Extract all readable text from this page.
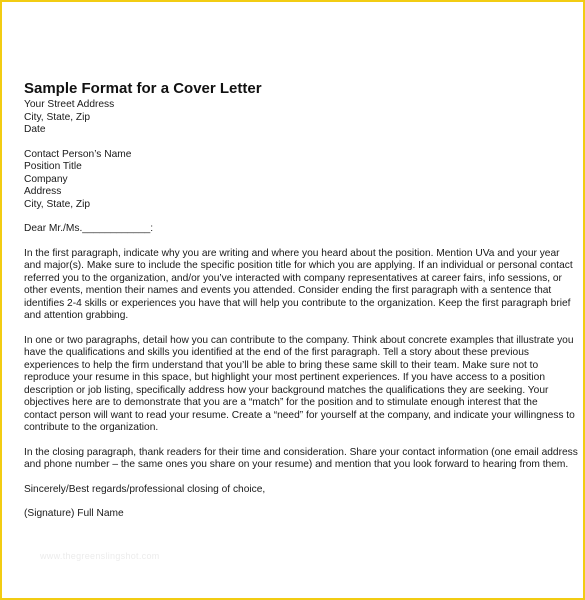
Sample Format for a Cover Letter
Your Street Address
City, State, Zip
Date
Contact Person’s Name
Position Title
Company
Address
City, State, Zip
Dear Mr./Ms.____________:
In the first paragraph, indicate why you are writing and where you heard about the position. Mention UVa and your year
and major(s). Make sure to include the specific position title for which you are applying. If an individual or personal contact
referred you to the organization, and/or you’ve interacted with company representatives at career fairs, info sessions, or
other events, mention their names and events you attended. Consider ending the first paragraph with a sentence that
identifies 2-4 skills or experiences you have that will help you contribute to the organization. Keep the first paragraph brief
and attention grabbing.
In one or two paragraphs, detail how you can contribute to the company. Think about concrete examples that illustrate you
have the qualifications and skills you identified at the end of the first paragraph. Tell a story about these previous
experiences to help the firm understand that you’ll be able to bring these same skill to their team. Make sure not to
reproduce your resume in this space, but highlight your most pertinent experiences. If you have access to a position
description or job listing, specifically address how your background matches the qualifications they are seeking. Your
objectives here are to demonstrate that you are a “match” for the position and to stimulate enough interest that the
contact person will want to read your resume. Create a “need” for yourself at the company, and indicate your willingness to
contribute to the organization.
In the closing paragraph, thank readers for their time and consideration. Share your contact information (one email address
and phone number – the same ones you share on your resume) and mention that you look forward to hearing from them.
Sincerely/Best regards/professional closing of choice,
(Signature) Full Name
www.thegreenslingshot.com
